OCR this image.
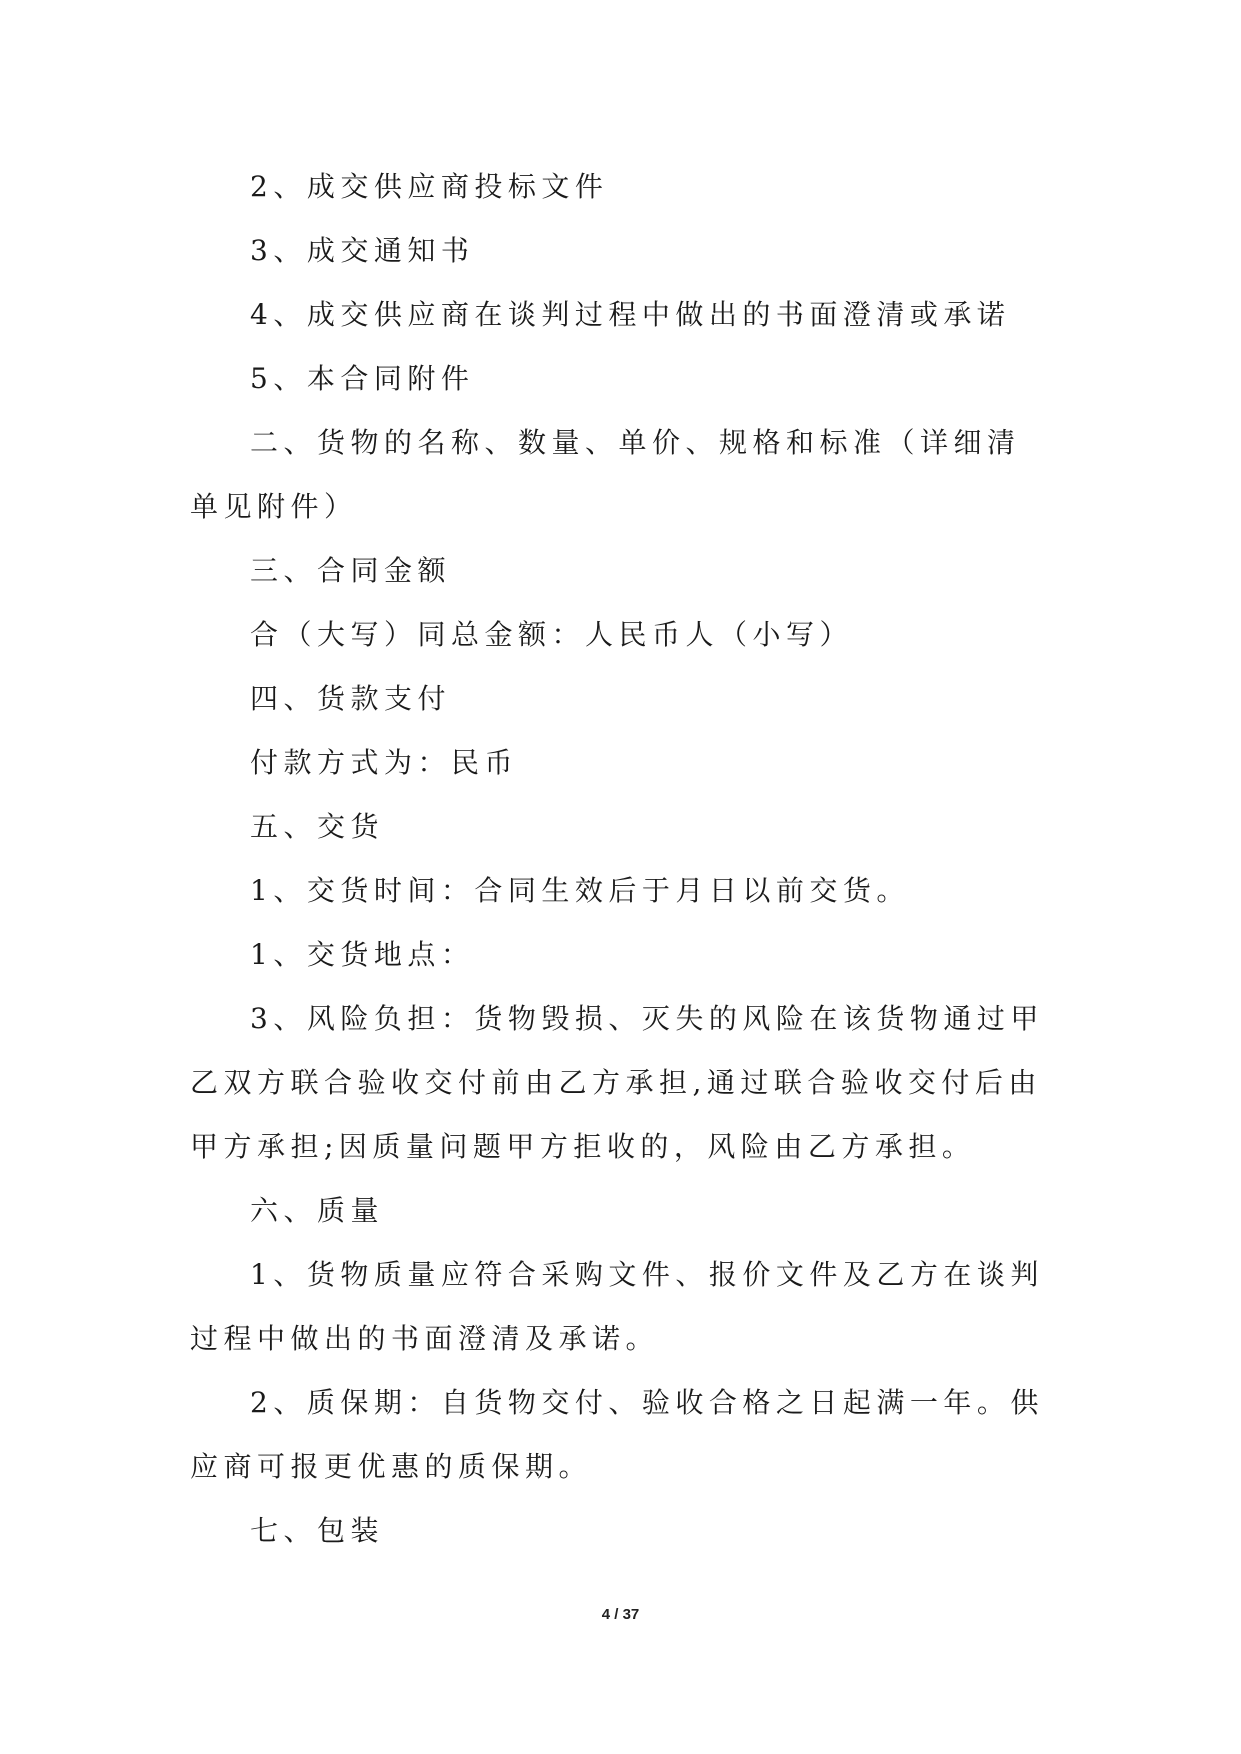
2、成交供应商投标文件

3、成交通知书

4、成交供应商在谈判过程中做出的书面澄清或承诺

5、本合同附件

二、货物的名称、数量、单价、规格和标准（详细清单见附件）

三、合同金额

合（大写）同总金额：人民币人（小写）

四、货款支付

付款方式为：民币

五、交货

1、交货时间：合同生效后于月日以前交货。

1、交货地点：

3、风险负担：货物毁损、灭失的风险在该货物通过甲乙双方联合验收交付前由乙方承担,通过联合验收交付后由甲方承担;因质量问题甲方拒收的，风险由乙方承担。

六、质量

1、货物质量应符合采购文件、报价文件及乙方在谈判过程中做出的书面澄清及承诺。

2、质保期：自货物交付、验收合格之日起满一年。供应商可报更优惠的质保期。

七、包装

4 / 37
